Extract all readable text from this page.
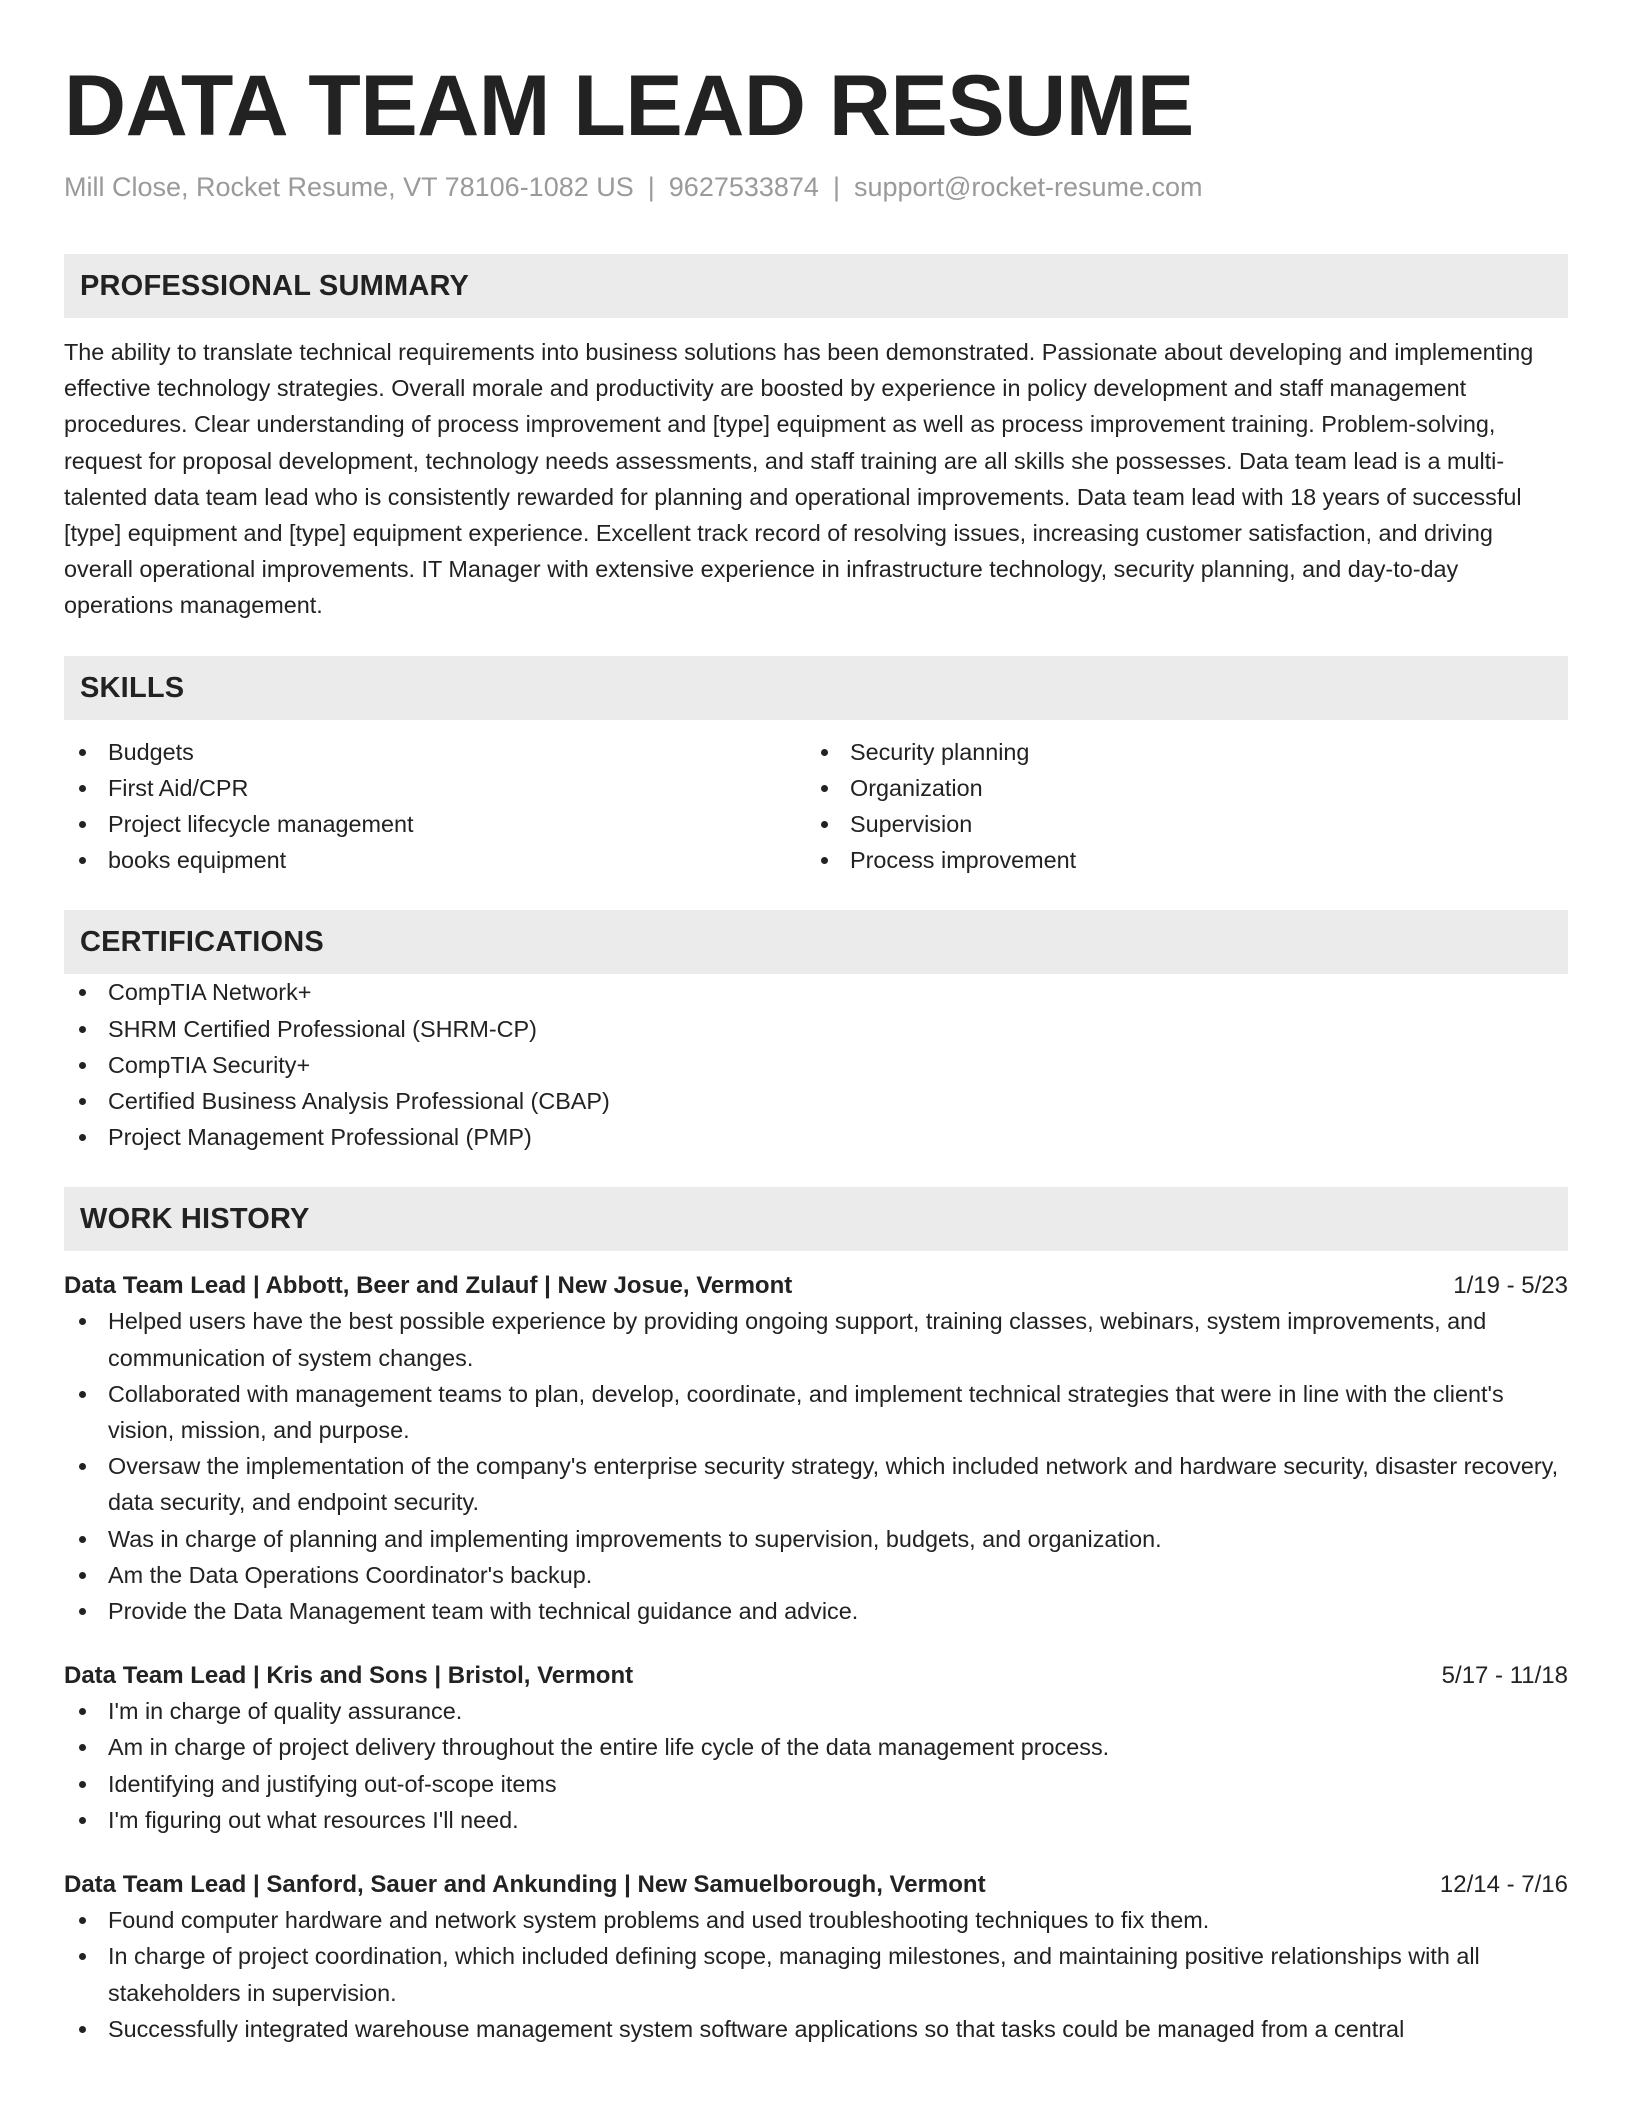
DATA TEAM LEAD RESUME
Mill Close, Rocket Resume, VT 78106-1082 US | 9627533874 | support@rocket-resume.com
PROFESSIONAL SUMMARY

The ability to translate technical requirements into business solutions has been demonstrated. Passionate about developing and implementing effective technology strategies. Overall morale and productivity are boosted by experience in policy development and staff management procedures. Clear understanding of process improvement and [type] equipment as well as process improvement training. Problem-solving, request for proposal development, technology needs assessments, and staff training are all skills she possesses. Data team lead is a multi-talented data team lead who is consistently rewarded for planning and operational improvements. Data team lead with 18 years of successful [type] equipment and [type] equipment experience. Excellent track record of resolving issues, increasing customer satisfaction, and driving overall operational improvements. IT Manager with extensive experience in infrastructure technology, security planning, and day-to-day operations management.

SKILLS
Budgets
First Aid/CPR
Project lifecycle management
books equipment
Security planning
Organization
Supervision
Process improvement
CERTIFICATIONS
CompTIA Network+
SHRM Certified Professional (SHRM-CP)
CompTIA Security+
Certified Business Analysis Professional (CBAP)
Project Management Professional (PMP)
WORK HISTORY
Data Team Lead | Abbott, Beer and Zulauf | New Josue, Vermont	1/19 - 5/23
Helped users have the best possible experience by providing ongoing support, training classes, webinars, system improvements, and communication of system changes.
Collaborated with management teams to plan, develop, coordinate, and implement technical strategies that were in line with the client's vision, mission, and purpose.
Oversaw the implementation of the company's enterprise security strategy, which included network and hardware security, disaster recovery, data security, and endpoint security.
Was in charge of planning and implementing improvements to supervision, budgets, and organization.
Am the Data Operations Coordinator's backup.
Provide the Data Management team with technical guidance and advice.
Data Team Lead | Kris and Sons | Bristol, Vermont	5/17 - 11/18
I'm in charge of quality assurance.
Am in charge of project delivery throughout the entire life cycle of the data management process.
Identifying and justifying out-of-scope items
I'm figuring out what resources I'll need.
Data Team Lead | Sanford, Sauer and Ankunding | New Samuelborough, Vermont	12/14 - 7/16
Found computer hardware and network system problems and used troubleshooting techniques to fix them.
In charge of project coordination, which included defining scope, managing milestones, and maintaining positive relationships with all stakeholders in supervision.
Successfully integrated warehouse management system software applications so that tasks could be managed from a central
